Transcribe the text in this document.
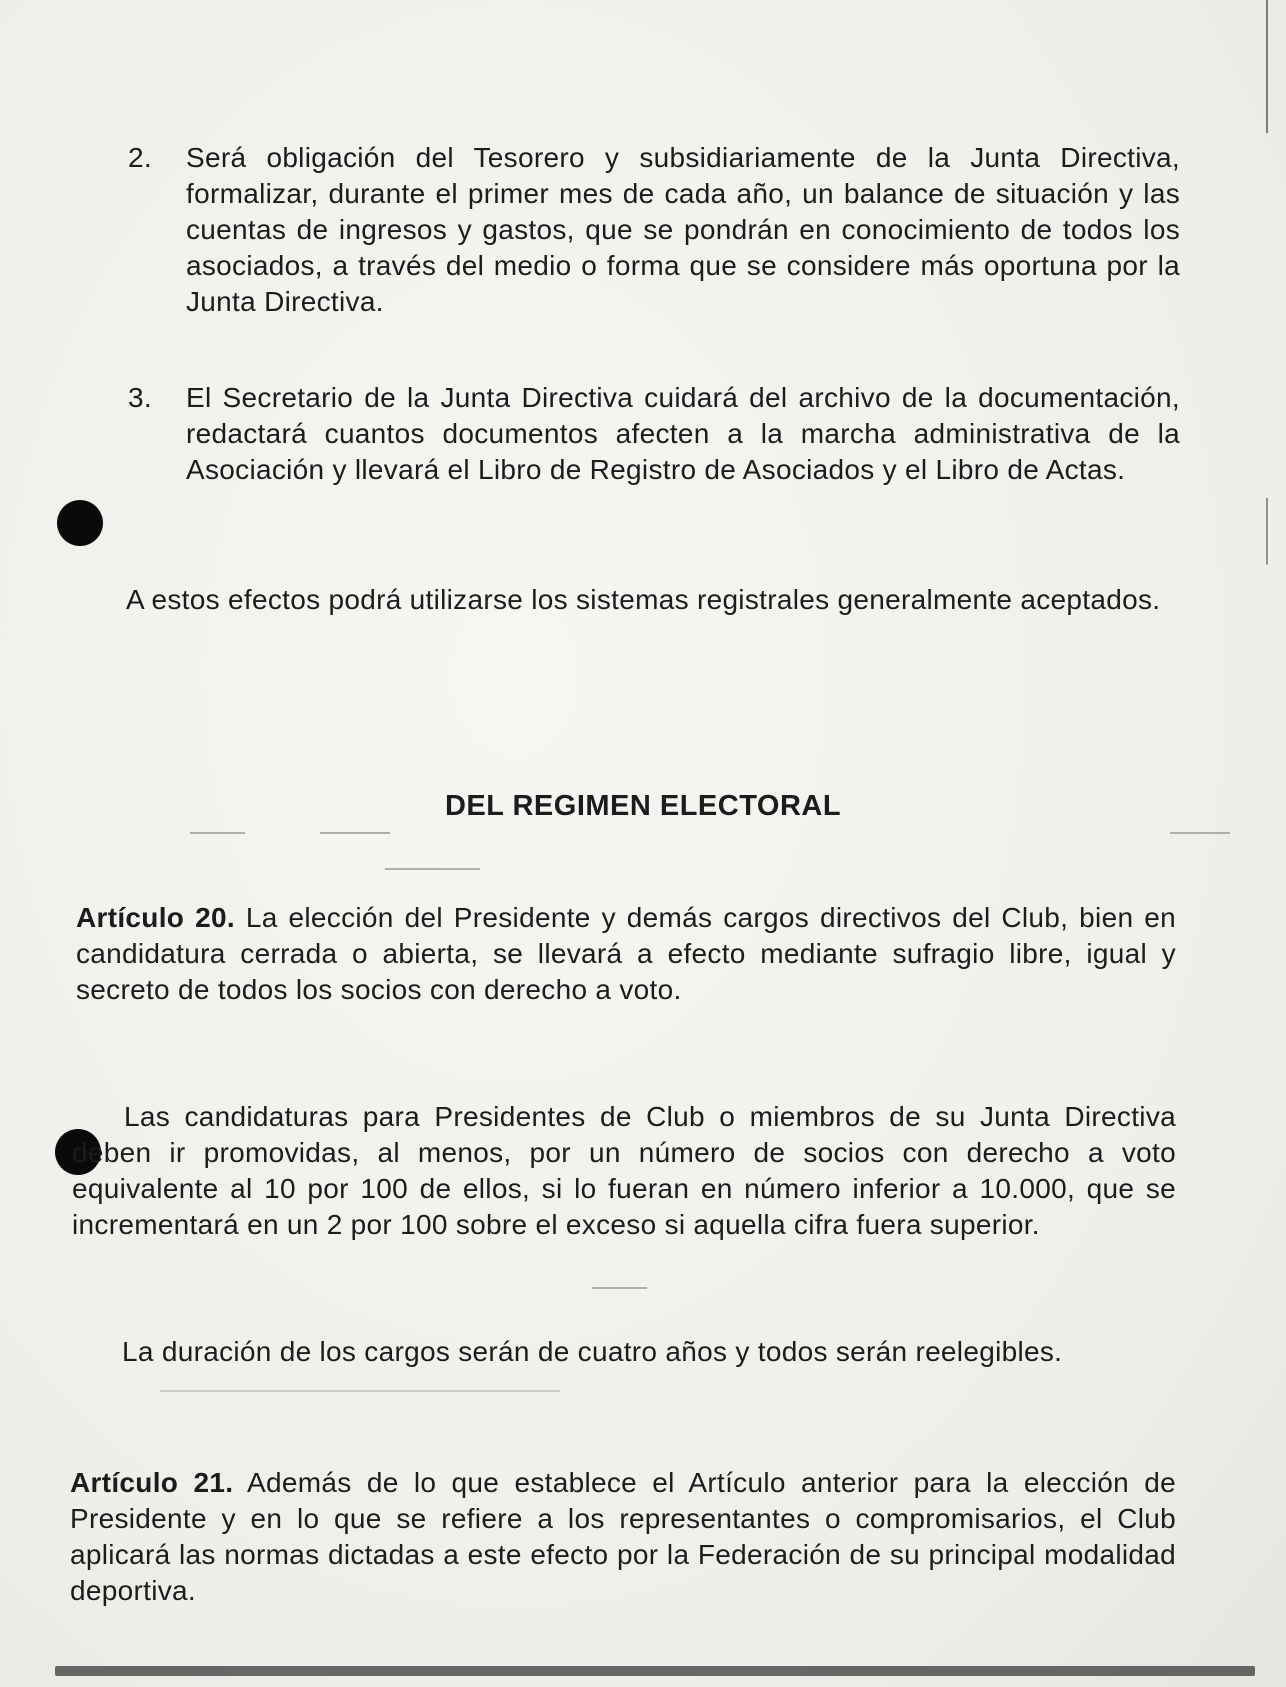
2. Será obligación del Tesorero y subsidiariamente de la Junta Directiva, formalizar, durante el primer mes de cada año, un balance de situación y las cuentas de ingresos y gastos, que se pondrán en conocimiento de todos los asociados, a través del medio o forma que se considere más oportuna por la Junta Directiva.
3. El Secretario de la Junta Directiva cuidará del archivo de la documentación, redactará cuantos documentos afecten a la marcha administrativa de la Asociación y llevará el Libro de Registro de Asociados y el Libro de Actas.
A estos efectos podrá utilizarse los sistemas registrales generalmente aceptados.
DEL REGIMEN ELECTORAL
Artículo 20. La elección del Presidente y demás cargos directivos del Club, bien en candidatura cerrada o abierta, se llevará a efecto mediante sufragio libre, igual y secreto de todos los socios con derecho a voto.
Las candidaturas para Presidentes de Club o miembros de su Junta Directiva deben ir promovidas, al menos, por un número de socios con derecho a voto equivalente al 10 por 100 de ellos, si lo fueran en número inferior a 10.000, que se incrementará en un 2 por 100 sobre el exceso si aquella cifra fuera superior.
La duración de los cargos serán de cuatro años y todos serán reelegibles.
Artículo 21. Además de lo que establece el Artículo anterior para la elección de Presidente y en lo que se refiere a los representantes o compromisarios, el Club aplicará las normas dictadas a este efecto por la Federación de su principal modalidad deportiva.
